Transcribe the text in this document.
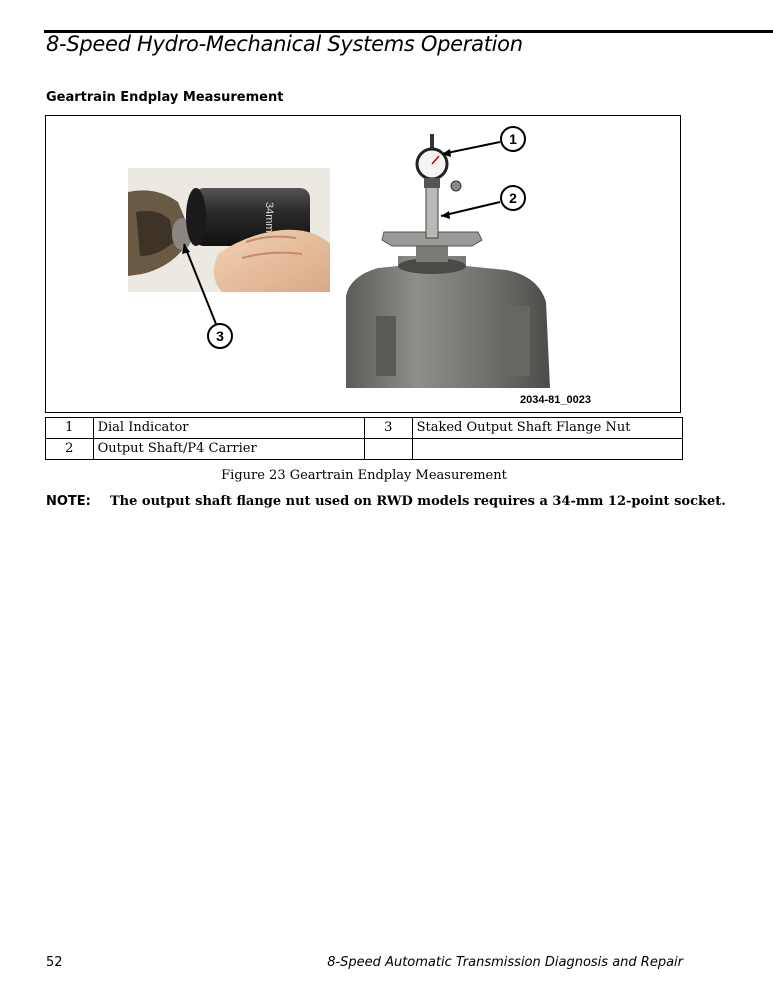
8-Speed Hydro-Mechanical Systems Operation
Geartrain Endplay Measurement
34mm
1
2
3
2034-81_0023
1	Dial Indicator	3	Staked Output Shaft Flange Nut
2	Output Shaft/P4 Carrier		
Figure 23 Geartrain Endplay Measurement
NOTE: The output shaft flange nut used on RWD models requires a 34-mm 12-point socket.
52	8-Speed Automatic Transmission Diagnosis and Repair
